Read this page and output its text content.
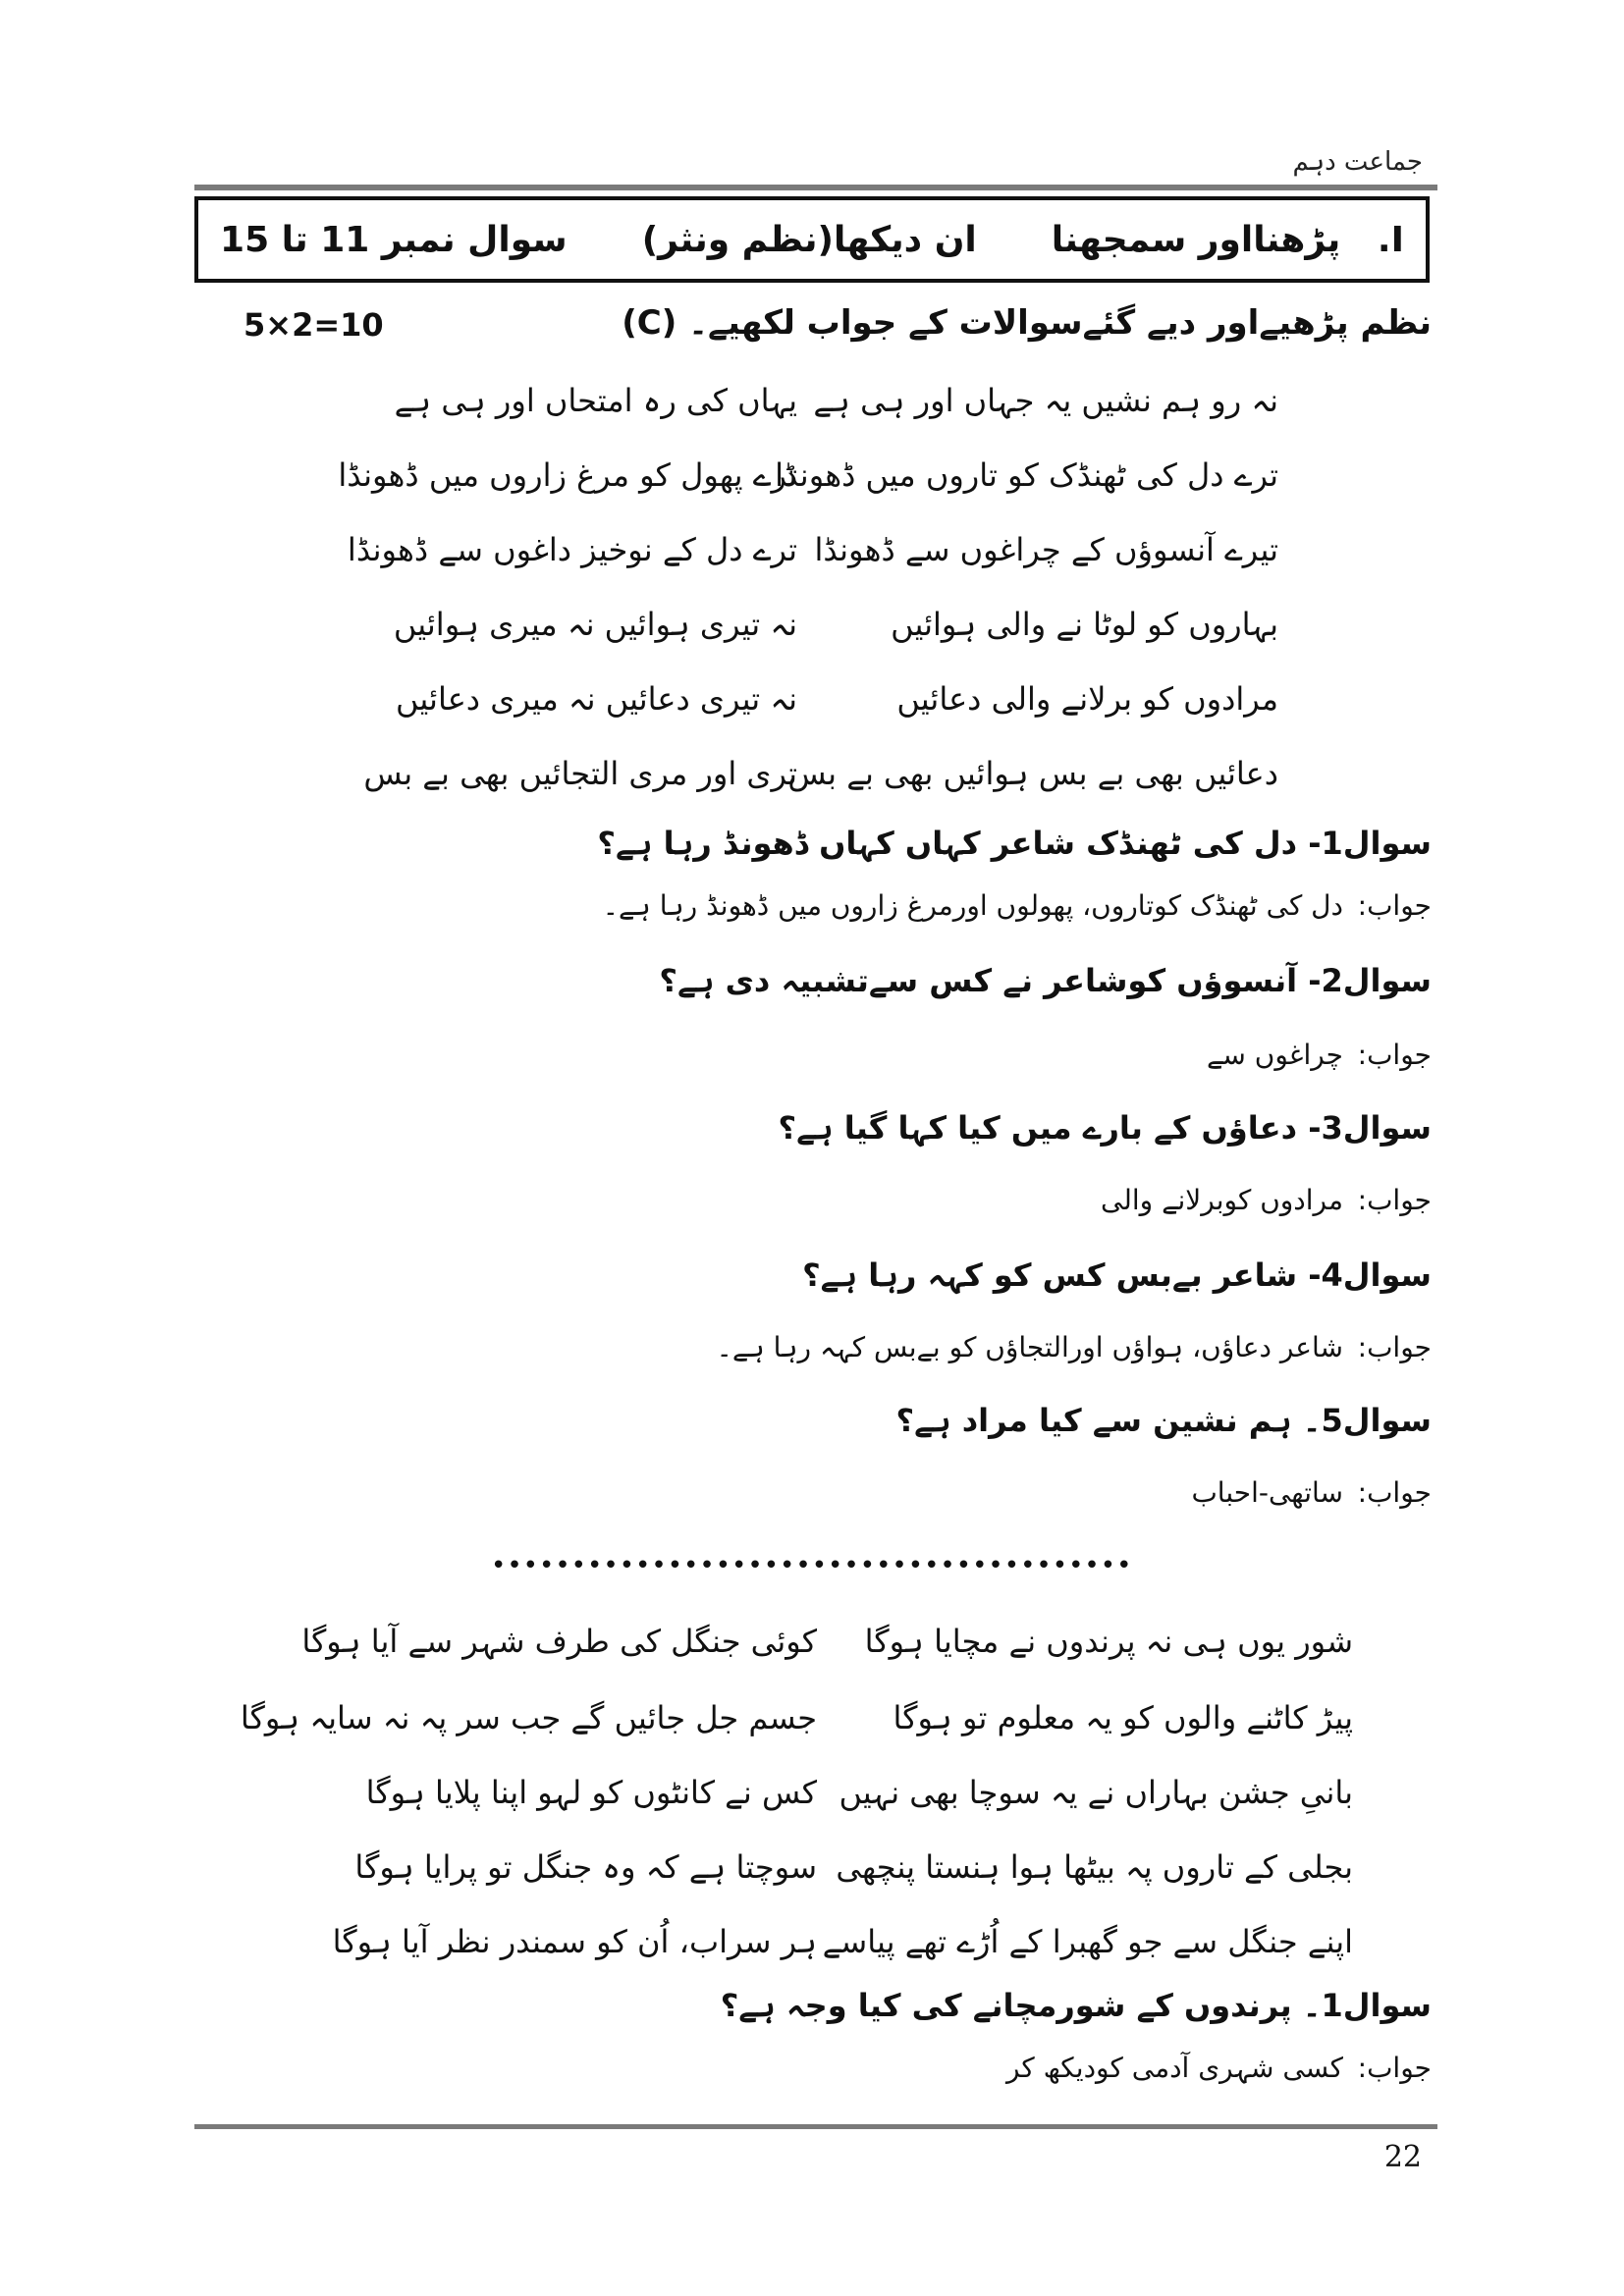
جماعت دہم
I.   پڑھنااور سمجھنا
ان دیکھا(نظم ونثر)
سوال نمبر 11 تا 15
(C) نظم پڑھیےاور دیے گئےسوالات کے جواب لکھیے۔
5×2=10
نہ رو ہم نشیں یہ جہاں اور ہی ہے
یہاں کی رہ امتحاں اور ہی ہے
ترے دل کی ٹھنڈک کو تاروں میں ڈھونڈا
ترے پھول کو مرغ زاروں میں ڈھونڈا
تیرے آنسوؤں کے چراغوں سے ڈھونڈا
ترے دل کے نوخیز داغوں سے ڈھونڈا
بہاروں کو لوٹا نے والی ہوائیں
نہ تیری ہوائیں نہ میری ہوائیں
مرادوں کو برلانے والی دعائیں
نہ تیری دعائیں نہ میری دعائیں
دعائیں بھی بے بس ہوائیں بھی بے بس
تری اور مری التجائیں بھی بے بس
سوال1- دل کی ٹھنڈک شاعر کہاں کہاں ڈھونڈ رہا ہے؟
جواب:دل کی ٹھنڈک کوتاروں، پھولوں اورمرغ زاروں میں ڈھونڈ رہا ہے۔
سوال2- آنسوؤں کوشاعر نے کس سےتشبیہ دی ہے؟
جواب:چراغوں سے
سوال3- دعاؤں کے بارے میں کیا کہا گیا ہے؟
جواب:مرادوں کوبرلانے والی
سوال4- شاعر بےبس کس کو کہہ رہا ہے؟
جواب:شاعر دعاؤں، ہواؤں اورالتجاؤں کو بےبس کہہ رہا ہے۔
سوال5۔ ہم نشین سے کیا مراد ہے؟
جواب:ساتھی-احباب
••••••••••••••••••••••••••••••••••••••••
شور یوں ہی نہ پرندوں نے مچایا ہوگا
کوئی جنگل کی طرف شہر سے آیا ہوگا
پیڑ کاٹنے والوں کو یہ معلوم تو ہوگا
جسم جل جائیں گے جب سر پہ نہ سایہ ہوگا
بانیِ جشن بہاراں نے یہ سوچا بھی نہیں
کس نے کانٹوں کو لہو اپنا پلایا ہوگا
بجلی کے تاروں پہ بیٹھا ہوا ہنستا پنچھی
سوچتا ہے کہ وہ جنگل تو پرایا ہوگا
اپنے جنگل سے جو گھبرا کے اُڑے تھے پیاسے
ہر سراب، اُن کو سمندر نظر آیا ہوگا
سوال1۔ پرندوں کے شورمچانے کی کیا وجہ ہے؟
جواب:کسی شہری آدمی کودیکھ کر
22
